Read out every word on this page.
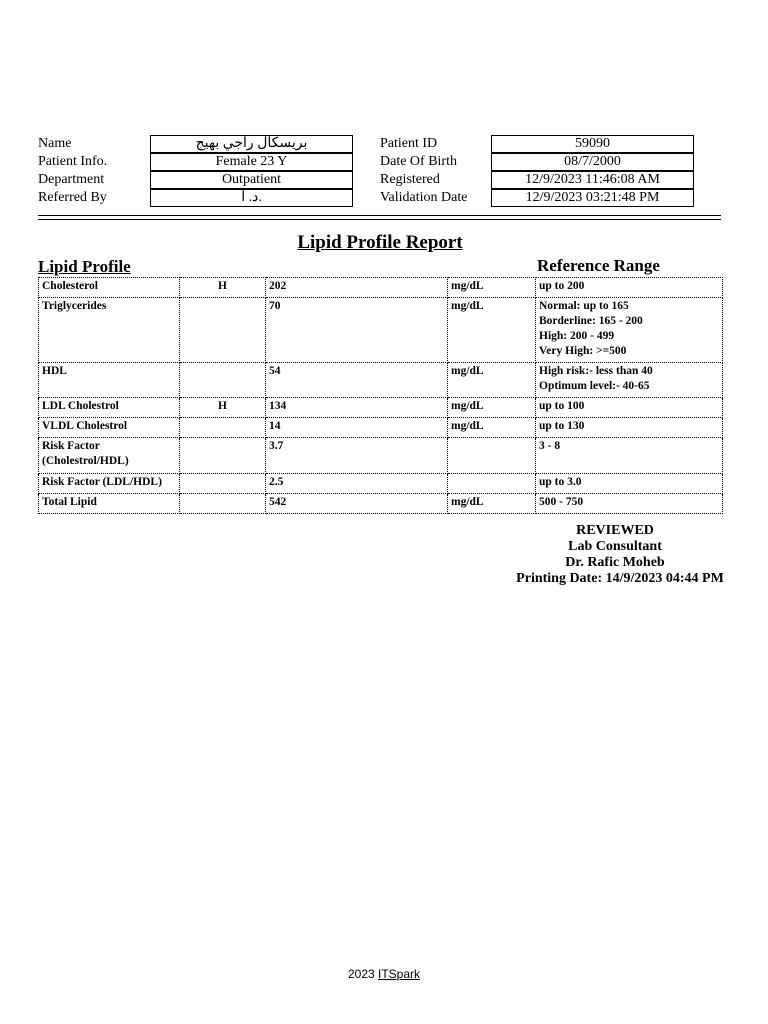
Name	بريسكال راجي بهيج
Patient Info.	Female 23 Y
Department	Outpatient
Referred By	د. ا.
Patient ID	59090
Date Of Birth	08/7/2000
Registered	12/9/2023 11:46:08 AM
Validation Date	12/9/2023 03:21:48 PM
Lipid Profile Report
Lipid Profile	Reference Range
Cholesterol	H	202	mg/dL	up to 200

Triglycerides		70	mg/dL	Normal: up to 165
Borderline: 165 - 200
High: 200 - 499
Very High: >=500

HDL		54	mg/dL	High risk:- less than 40
Optimum level:- 40-65

LDL Cholestrol	H	134	mg/dL	up to 100

VLDL Cholestrol		14	mg/dL	up to 130

Risk Factor (Cholestrol/HDL)		3.7		3 - 8

Risk Factor (LDL/HDL)		2.5		up to 3.0

Total Lipid		542	mg/dL	500 - 750
REVIEWED
Lab Consultant
Dr. Rafic Moheb
Printing Date: 14/9/2023 04:44 PM
2023 ITSpark
